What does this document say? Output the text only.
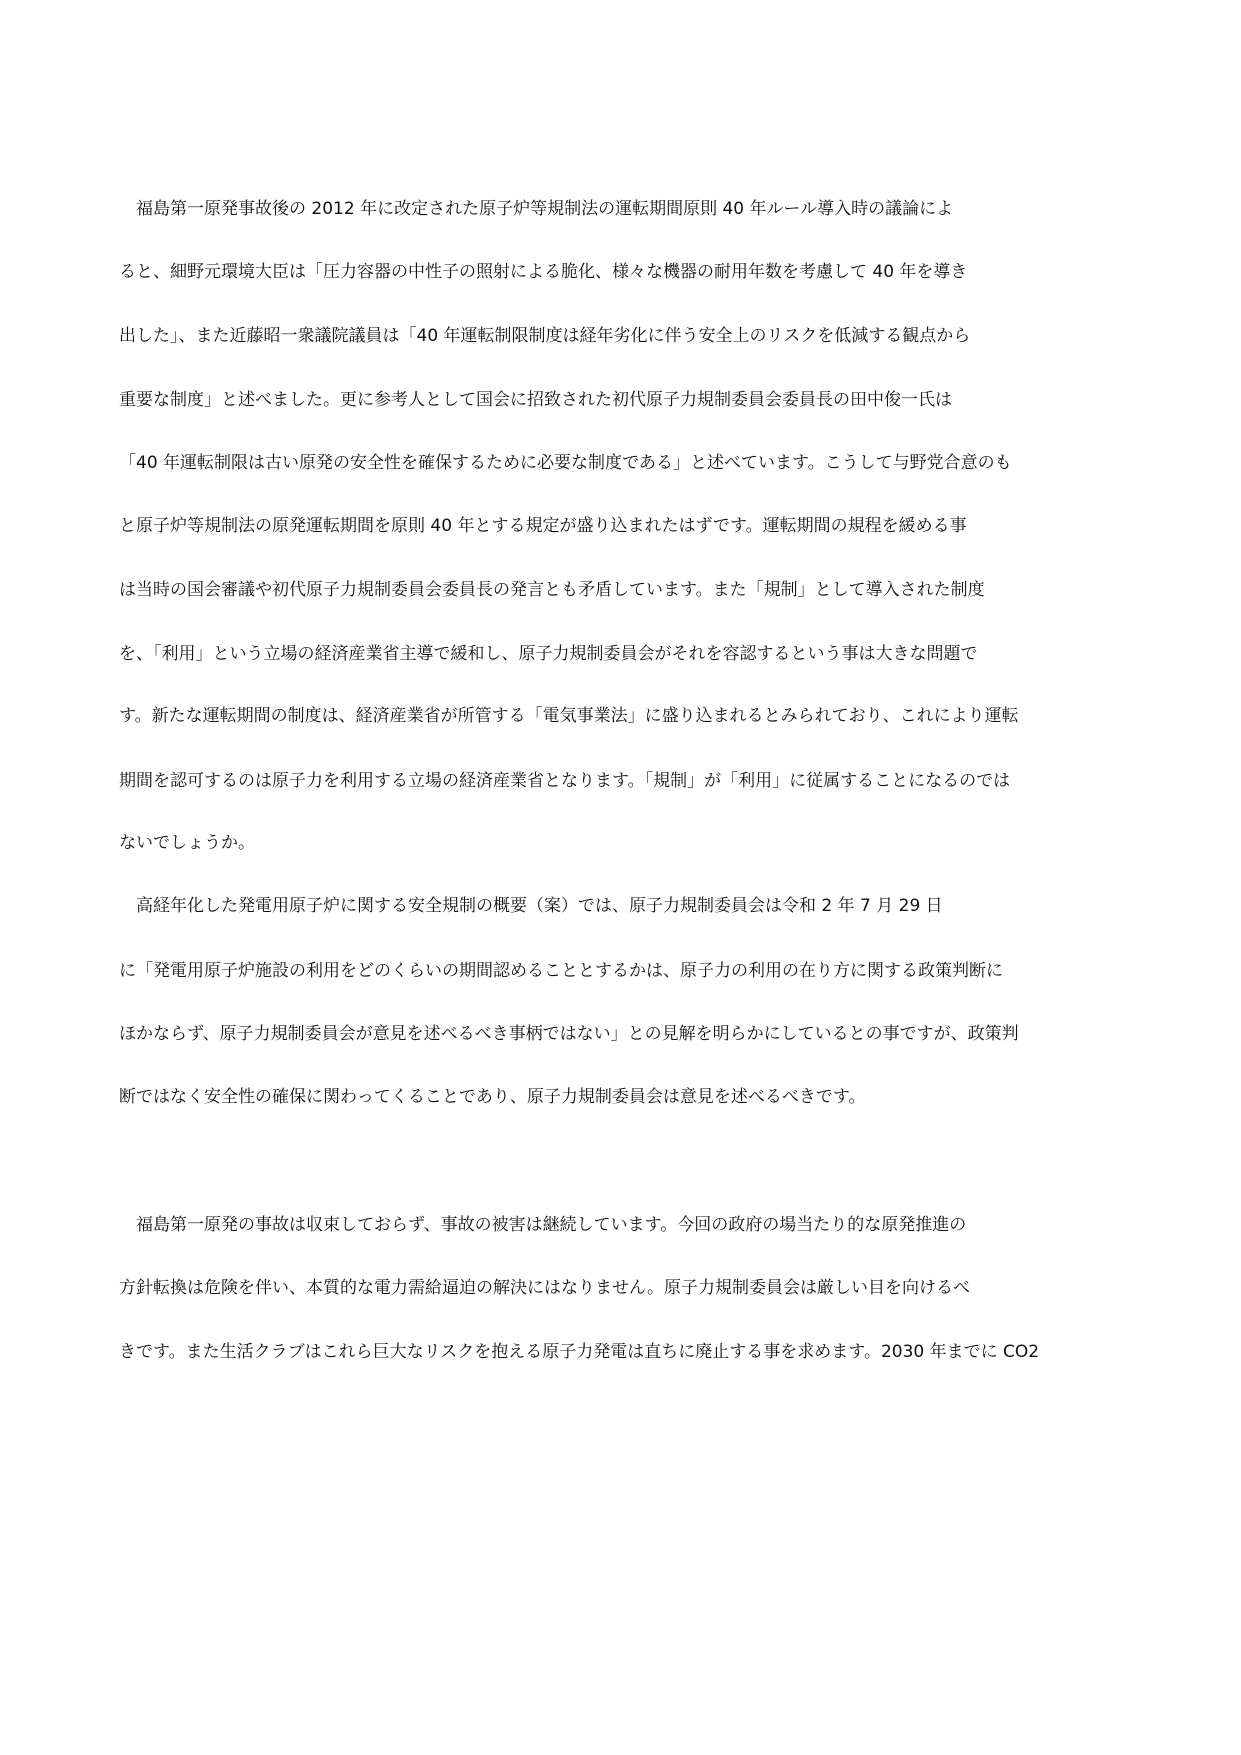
　福島第一原発事故後の 2012 年に改定された原子炉等規制法の運転期間原則 40 年ルール導入時の議論によ
ると、細野元環境大臣は「圧力容器の中性子の照射による脆化、様々な機器の耐用年数を考慮して 40 年を導き
出した」、また近藤昭一衆議院議員は「40 年運転制限制度は経年劣化に伴う安全上のリスクを低減する観点から
重要な制度」と述べました。更に参考人として国会に招致された初代原子力規制委員会委員長の田中俊一氏は
「40 年運転制限は古い原発の安全性を確保するために必要な制度である」と述べています。こうして与野党合意のも
と原子炉等規制法の原発運転期間を原則 40 年とする規定が盛り込まれたはずです。運転期間の規程を緩める事
は当時の国会審議や初代原子力規制委員会委員長の発言とも矛盾しています。また「規制」として導入された制度
を、「利用」という立場の経済産業省主導で緩和し、原子力規制委員会がそれを容認するという事は大きな問題で
す。新たな運転期間の制度は、経済産業省が所管する「電気事業法」に盛り込まれるとみられており、これにより運転
期間を認可するのは原子力を利用する立場の経済産業省となります。「規制」が「利用」に従属することになるのでは
ないでしょうか。
　高経年化した発電用原子炉に関する安全規制の概要（案）では、原子力規制委員会は令和 2 年 7 月 29 日
に「発電用原子炉施設の利用をどのくらいの期間認めることとするかは、原子力の利用の在り方に関する政策判断に
ほかならず、原子力規制委員会が意見を述べるべき事柄ではない」との見解を明らかにしているとの事ですが、政策判
断ではなく安全性の確保に関わってくることであり、原子力規制委員会は意見を述べるべきです。
　福島第一原発の事故は収束しておらず、事故の被害は継続しています。今回の政府の場当たり的な原発推進の
方針転換は危険を伴い、本質的な電力需給逼迫の解決にはなりません。原子力規制委員会は厳しい目を向けるべ
きです。また生活クラブはこれら巨大なリスクを抱える原子力発電は直ちに廃止する事を求めます。2030 年までに CO2
